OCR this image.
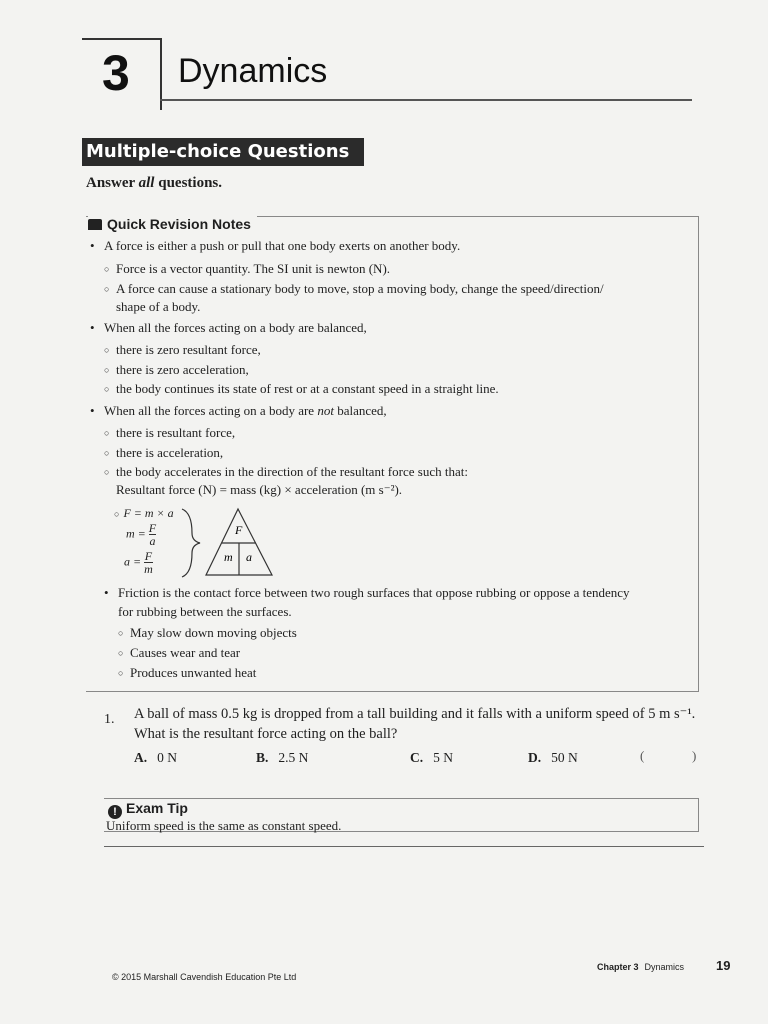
3 Dynamics
Multiple-choice Questions
Answer all questions.
Quick Revision Notes
• A force is either a push or pull that one body exerts on another body.
○ Force is a vector quantity. The SI unit is newton (N).
○ A force can cause a stationary body to move, stop a moving body, change the speed/direction/
shape of a body.
• When all the forces acting on a body are balanced,
○ there is zero resultant force,
○ there is zero acceleration,
○ the body continues its state of rest or at a constant speed in a straight line.
• When all the forces acting on a body are not balanced,
○ there is resultant force,
○ there is acceleration,
○ the body accelerates in the direction of the resultant force such that:
Resultant force (N) = mass (kg) × acceleration (m s⁻²).
○ F = m × a
$m = \frac{F}{a}$
$a = \frac{F}{m}$
F
m a
• Friction is the contact force between two rough surfaces that oppose rubbing or oppose a tendency
for rubbing between the surfaces.
○ May slow down moving objects
○ Causes wear and tear
○ Produces unwanted heat
1. A ball of mass 0.5 kg is dropped from a tall building and it falls with a uniform speed of 5 m s⁻¹. What is the resultant force acting on the ball?
A. 0 N	B. 2.5 N	C. 5 N	D. 50 N	(	)
! Exam Tip
Uniform speed is the same as constant speed.
© 2015 Marshall Cavendish Education Pte Ltd
Chapter 3 Dynamics 19
